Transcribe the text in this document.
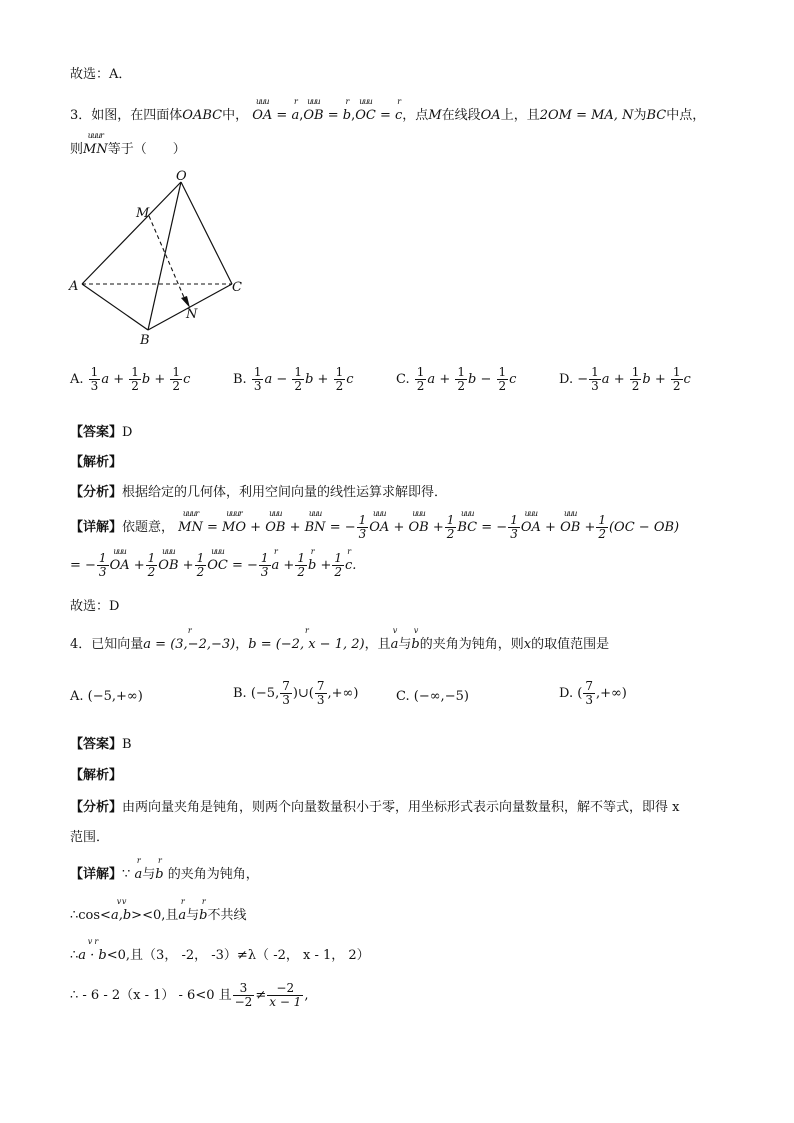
故选：A．
3．如图，在四面体OABC中，
uuu
OA =
r
a,
uuu
OB =
r
b,
uuu
OC =
r
c，点M在线段OA上，且2OM = MA, N为BC中点，
则
uuur
MN等于（　　）
O
M
A	C
N
B
A. $\frac{1}{3}$ $a + \frac{1}{2}$ $b + \frac{1}{2}$ c	B. $\frac{1}{3}$ $a - \frac{1}{2}$ $b + \frac{1}{2}$ c	C. $\frac{1}{2}$ $a + \frac{1}{2}$ $b - \frac{1}{2}$ c	D. − $\frac{1}{3}$ $a + \frac{1}{2}$ $b + \frac{1}{2}$ c
【答案】D
【解析】
【分析】根据给定的几何体，利用空间向量的线性运算求解即得．
【详解】依题意，
uuur
MN =
uuur
MO +
uuu
OB +
uuu
BN = − $\frac{1}{3}$
uuu
OA +
uuu
OB + $\frac{1}{2}$
uuu
BC = − $\frac{1}{3}$
uuu
OA +
uuu
OB + $\frac{1}{2} (OC - OB)$
= − $\frac{1}{3}$
uuu
OA + $\frac{1}{2}$
uuu
OB + $\frac{1}{2}$
uuu
OC = − $\frac{1}{3}$
r
$a + \frac{1}{2}$
r
$b + \frac{1}{2}$
r
c.
故选：D
4．已知向量
r
a = (3,−2,−3)，
r
b = (−2, x − 1, 2)，且
v
a与
v
b的夹角为钝角，则x的取值范围是
A. (−5,+∞)	B. (−5, $\frac{7}{3}$ )∪( $\frac{7}{3}$ ,+∞)	C. (−∞,−5)	D. ( $\frac{7}{3}$ ,+∞)
【答案】B
【解析】
【分析】由两向量夹角是钝角，则两个向量数量积小于零，用坐标形式表示向量数量积，解不等式，即得 x
范围．
【详解】∵
r
a与
r
b 的夹角为钝角，
∴cos<
v v
a,b><0,且
r
a与
r
b不共线
∴
v  r
a · b<0,且（3， -2， -3）≠λ（ -2， x - 1， 2）
∴ - 6 - 2（x - 1） - 6<0 且 $\frac{3}{-2} \ne \frac{-2}{x - 1}$ ,
